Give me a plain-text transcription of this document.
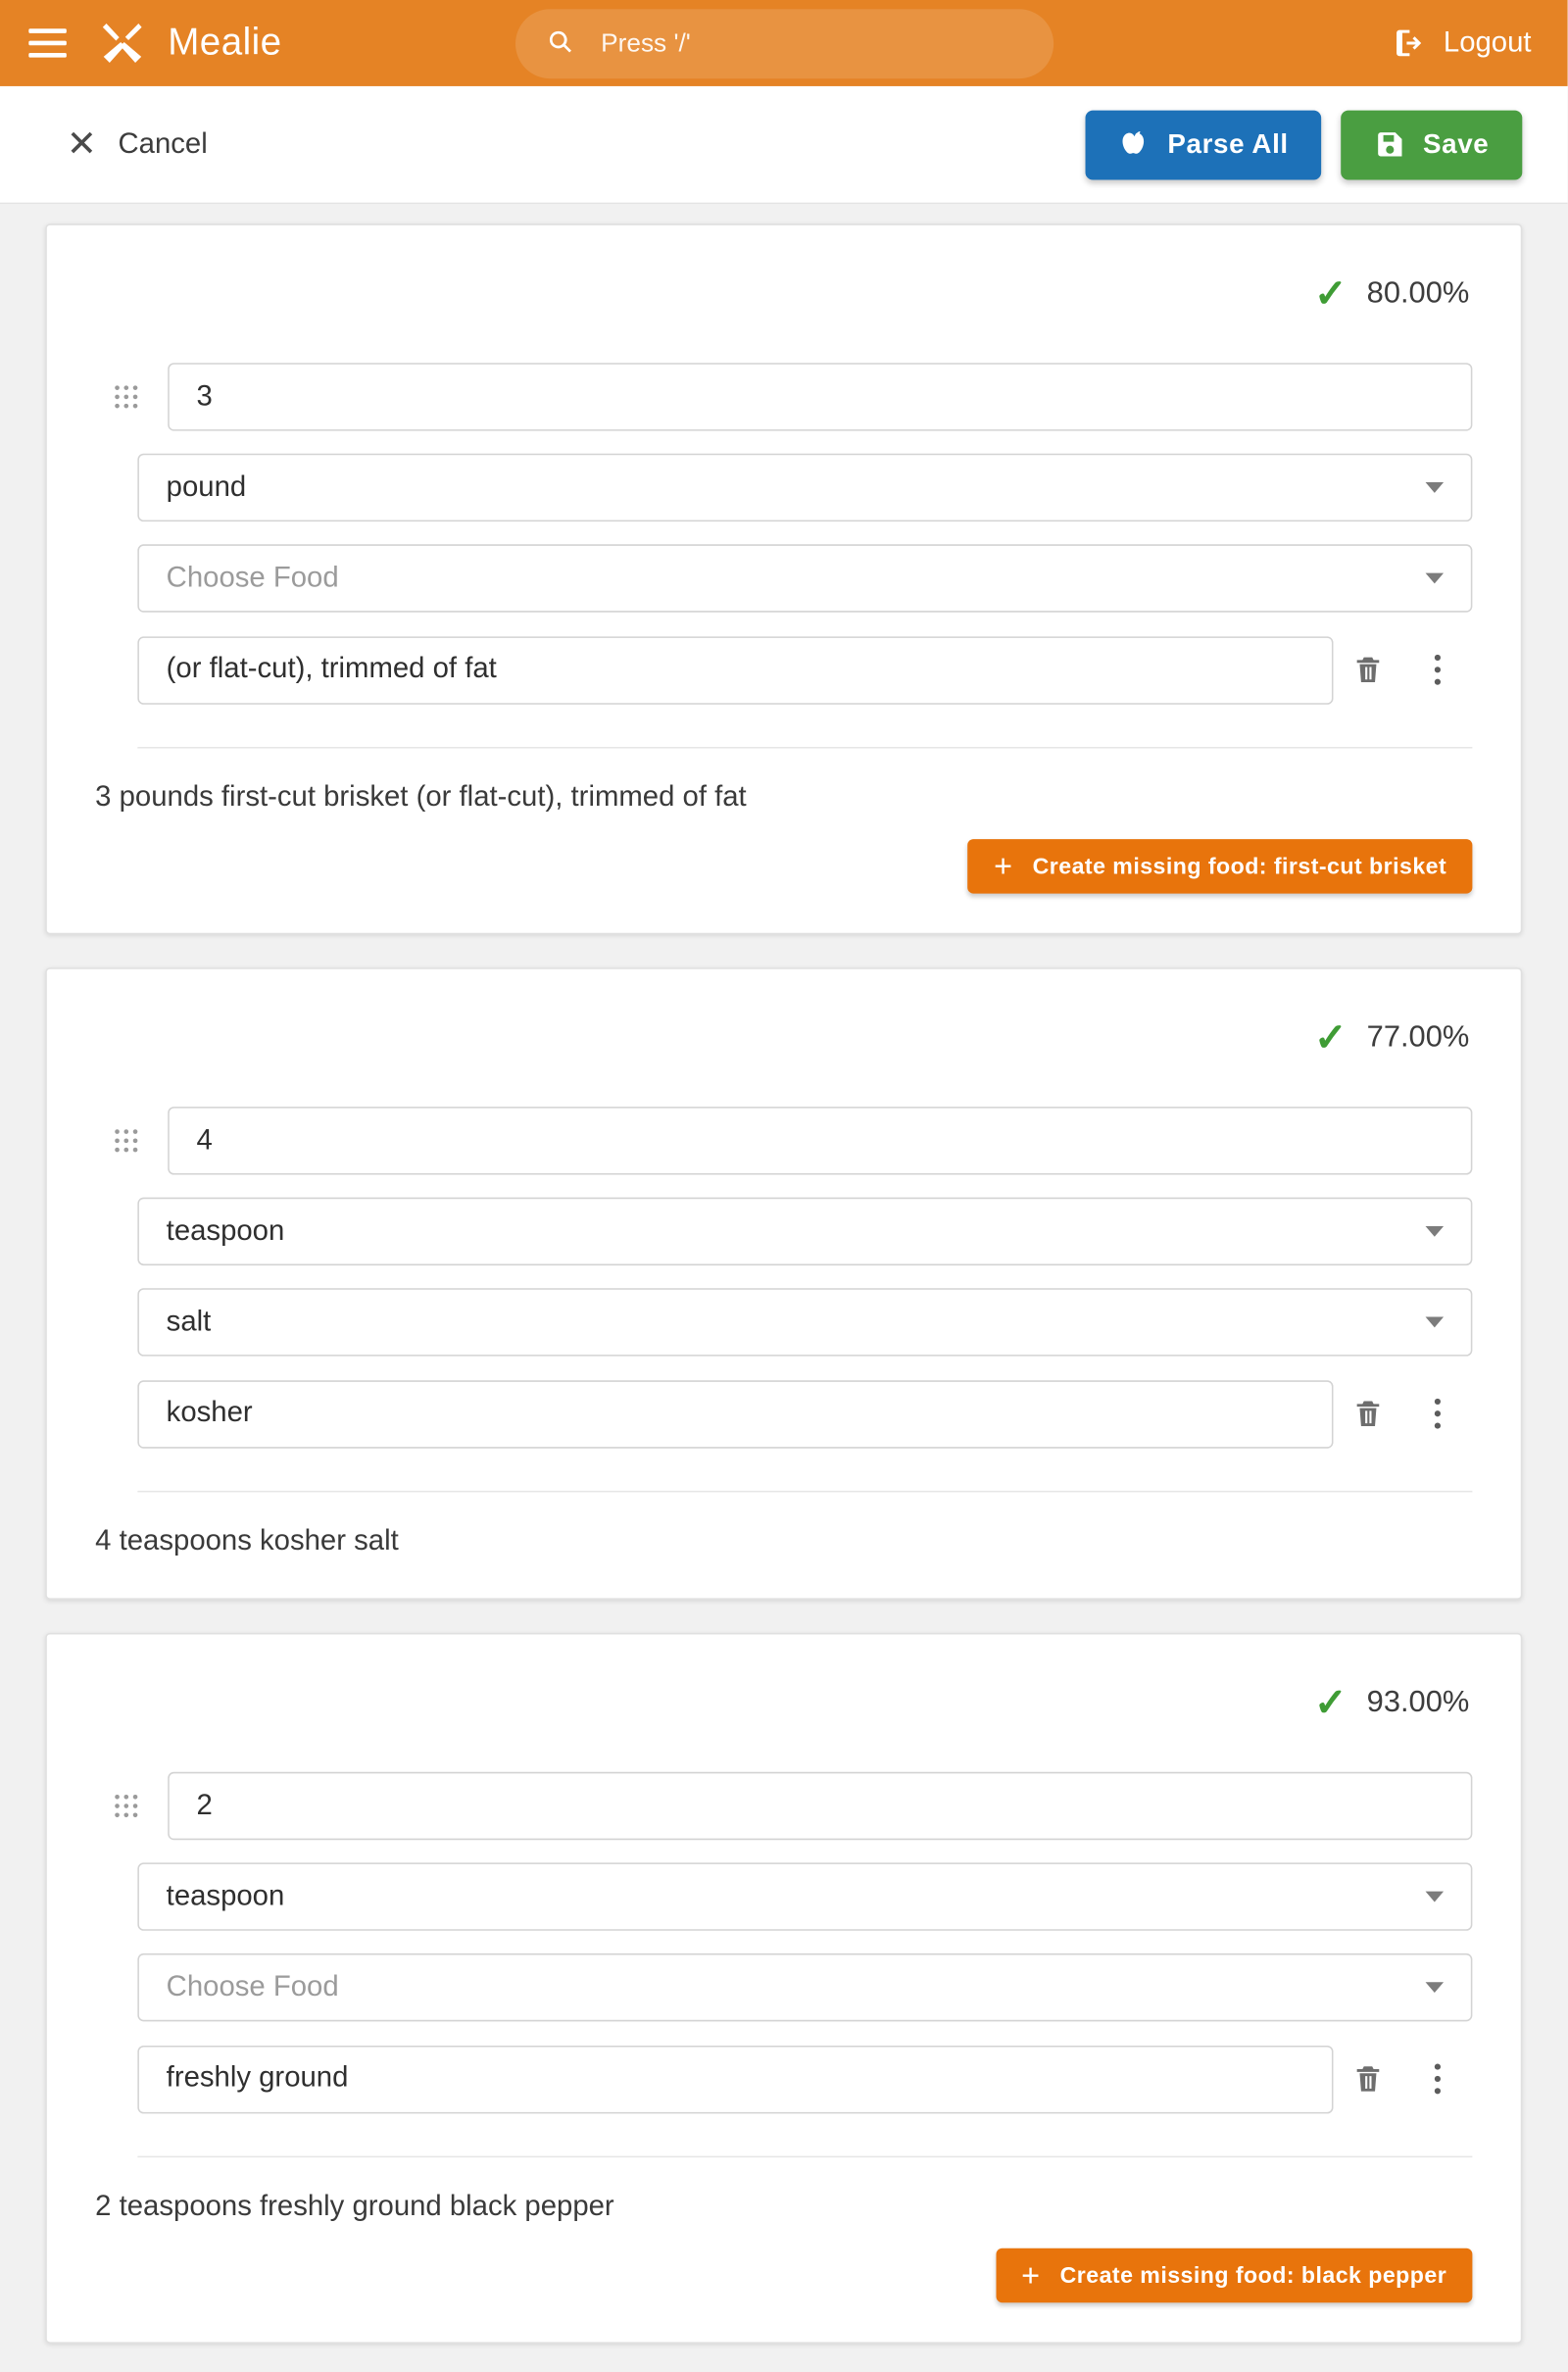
Mealie
Press '/'	Logout
✕ Cancel	Parse All	Save
✓ 80.00%
3
pound
Choose Food
(or flat-cut), trimmed of fat
3 pounds first-cut brisket (or flat-cut), trimmed of fat
+ Create missing food: first-cut brisket
✓ 77.00%
4
teaspoon
salt
kosher
4 teaspoons kosher salt
✓ 93.00%
2
teaspoon
Choose Food
freshly ground
2 teaspoons freshly ground black pepper
+ Create missing food: black pepper
